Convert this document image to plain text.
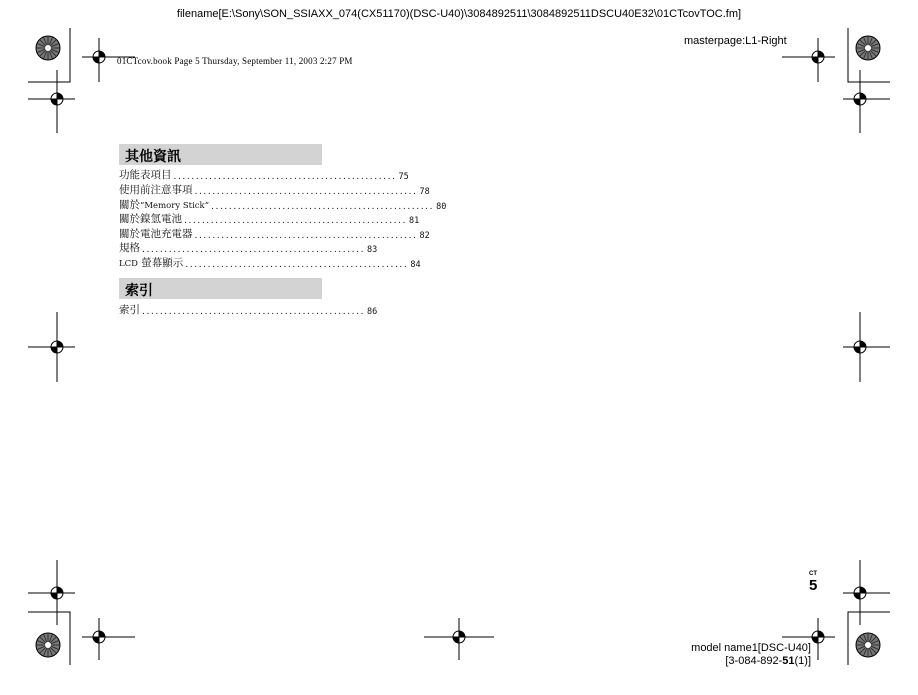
filename[E:\Sony\SON_SSIAXX_074(CX51170)(DSC-U40)\3084892511\3084892511DSCU40E32\01CTcovTOC.fm]
masterpage:L1-Right
01CTcov.book Page 5 Thursday, September 11, 2003 2:27 PM
其他資訊
功能表項目 .................................................. 75
使用前注意事項 .................................................. 78
關於“Memory Stick” .................................................. 80
關於鎳氫電池 .................................................. 81
關於電池充電器 .................................................. 82
規格 .................................................. 83
LCD 螢幕顯示 .................................................. 84
索引
索引 .................................................. 86
CT
5
model name1[DSC-U40]
[3-084-892-51(1)]
